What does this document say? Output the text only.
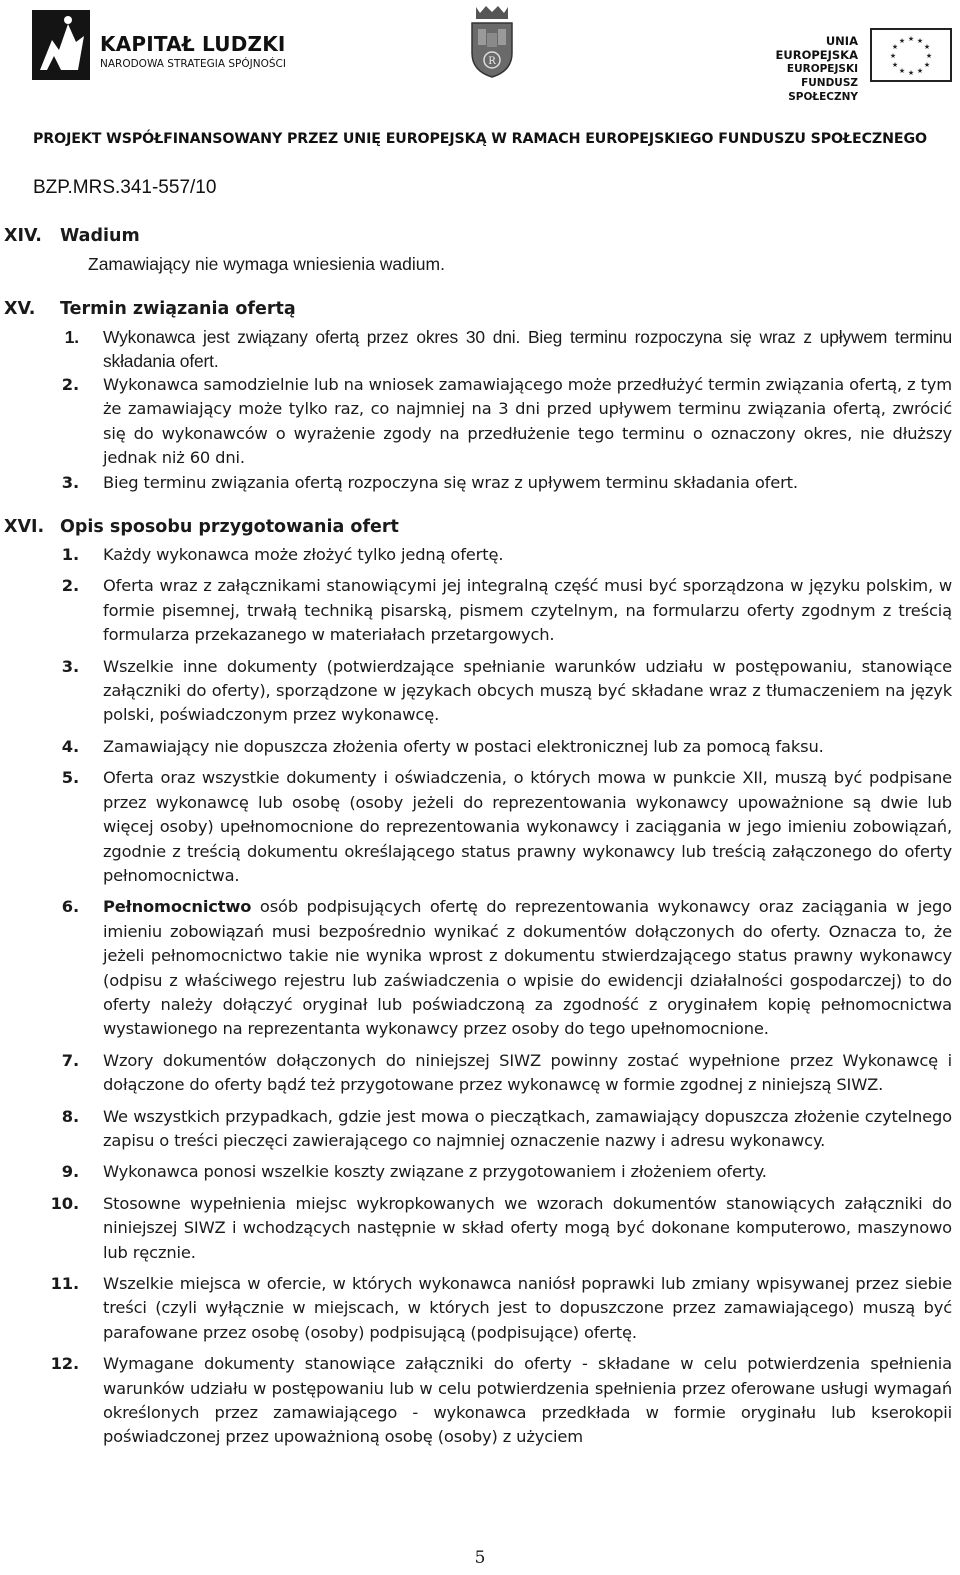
KAPITAŁ LUDZKI
NARODOWA STRATEGIA SPÓJNOŚCI	R
UNIA EUROPEJSKA
EUROPEJSKI
FUNDUSZ SPOŁECZNY
★ ★
★
★
★
★
★
★
★
★
★
★
PROJEKT WSPÓŁFINANSOWANY PRZEZ UNIĘ EUROPEJSKĄ W RAMACH EUROPEJSKIEGO FUNDUSZU SPOŁECZNEGO
BZP.MRS.341-557/10
XIV. Wadium
Zamawiający nie wymaga wniesienia wadium.
XV. Termin związania ofertą
1. Wykonawca jest związany ofertą przez okres 30 dni. Bieg terminu rozpoczyna się wraz z upływem terminu składania ofert.
2. Wykonawca samodzielnie lub na wniosek zamawiającego może przedłużyć termin związania ofertą, z tym że zamawiający może tylko raz, co najmniej na 3 dni przed upływem terminu związania ofertą, zwrócić się do wykonawców o wyrażenie zgody na przedłużenie tego terminu o oznaczony okres, nie dłuższy jednak niż 60 dni.
3. Bieg terminu związania ofertą rozpoczyna się wraz z upływem terminu składania ofert.
XVI. Opis sposobu przygotowania ofert
1. Każdy wykonawca może złożyć tylko jedną ofertę.
2. Oferta wraz z załącznikami stanowiącymi jej integralną część musi być sporządzona w języku polskim, w formie pisemnej, trwałą techniką pisarską, pismem czytelnym, na formularzu oferty zgodnym z treścią formularza przekazanego w materiałach przetargowych.
3. Wszelkie inne dokumenty (potwierdzające spełnianie warunków udziału w postępowaniu, stanowiące załączniki do oferty), sporządzone w językach obcych muszą być składane wraz z tłumaczeniem na język polski, poświadczonym przez wykonawcę.
4. Zamawiający nie dopuszcza złożenia oferty w postaci elektronicznej lub za pomocą faksu.
5. Oferta oraz wszystkie dokumenty i oświadczenia, o których mowa w punkcie XII, muszą być podpisane przez wykonawcę lub osobę (osoby jeżeli do reprezentowania wykonawcy upoważnione są dwie lub więcej osoby) upełnomocnione do reprezentowania wykonawcy i zaciągania w jego imieniu zobowiązań, zgodnie z treścią dokumentu określającego status prawny wykonawcy lub treścią załączonego do oferty pełnomocnictwa.
6. Pełnomocnictwo osób podpisujących ofertę do reprezentowania wykonawcy oraz zaciągania w jego imieniu zobowiązań musi bezpośrednio wynikać z dokumentów dołączonych do oferty. Oznacza to, że jeżeli pełnomocnictwo takie nie wynika wprost z dokumentu stwierdzającego status prawny wykonawcy (odpisu z właściwego rejestru lub zaświadczenia o wpisie do ewidencji działalności gospodarczej) to do oferty należy dołączyć oryginał lub poświadczoną za zgodność z oryginałem kopię pełnomocnictwa wystawionego na reprezentanta wykonawcy przez osoby do tego upełnomocnione.
7. Wzory dokumentów dołączonych do niniejszej SIWZ powinny zostać wypełnione przez Wykonawcę i dołączone do oferty bądź też przygotowane przez wykonawcę w formie zgodnej z niniejszą SIWZ.
8. We wszystkich przypadkach, gdzie jest mowa o pieczątkach, zamawiający dopuszcza złożenie czytelnego zapisu o treści pieczęci zawierającego co najmniej oznaczenie nazwy i adresu wykonawcy.
9. Wykonawca ponosi wszelkie koszty związane z przygotowaniem i złożeniem oferty.
10. Stosowne wypełnienia miejsc wykropkowanych we wzorach dokumentów stanowiących załączniki do niniejszej SIWZ i wchodzących następnie w skład oferty mogą być dokonane komputerowo, maszynowo lub ręcznie.
11. Wszelkie miejsca w ofercie, w których wykonawca naniósł poprawki lub zmiany wpisywanej przez siebie treści (czyli wyłącznie w miejscach, w których jest to dopuszczone przez zamawiającego) muszą być parafowane przez osobę (osoby) podpisującą (podpisujące) ofertę.
12. Wymagane dokumenty stanowiące załączniki do oferty - składane w celu potwierdzenia spełnienia warunków udziału w postępowaniu lub w celu potwierdzenia spełnienia przez oferowane usługi wymagań określonych przez zamawiającego - wykonawca przedkłada w formie oryginału lub kserokopii poświadczonej przez upoważnioną osobę (osoby) z użyciem
5
